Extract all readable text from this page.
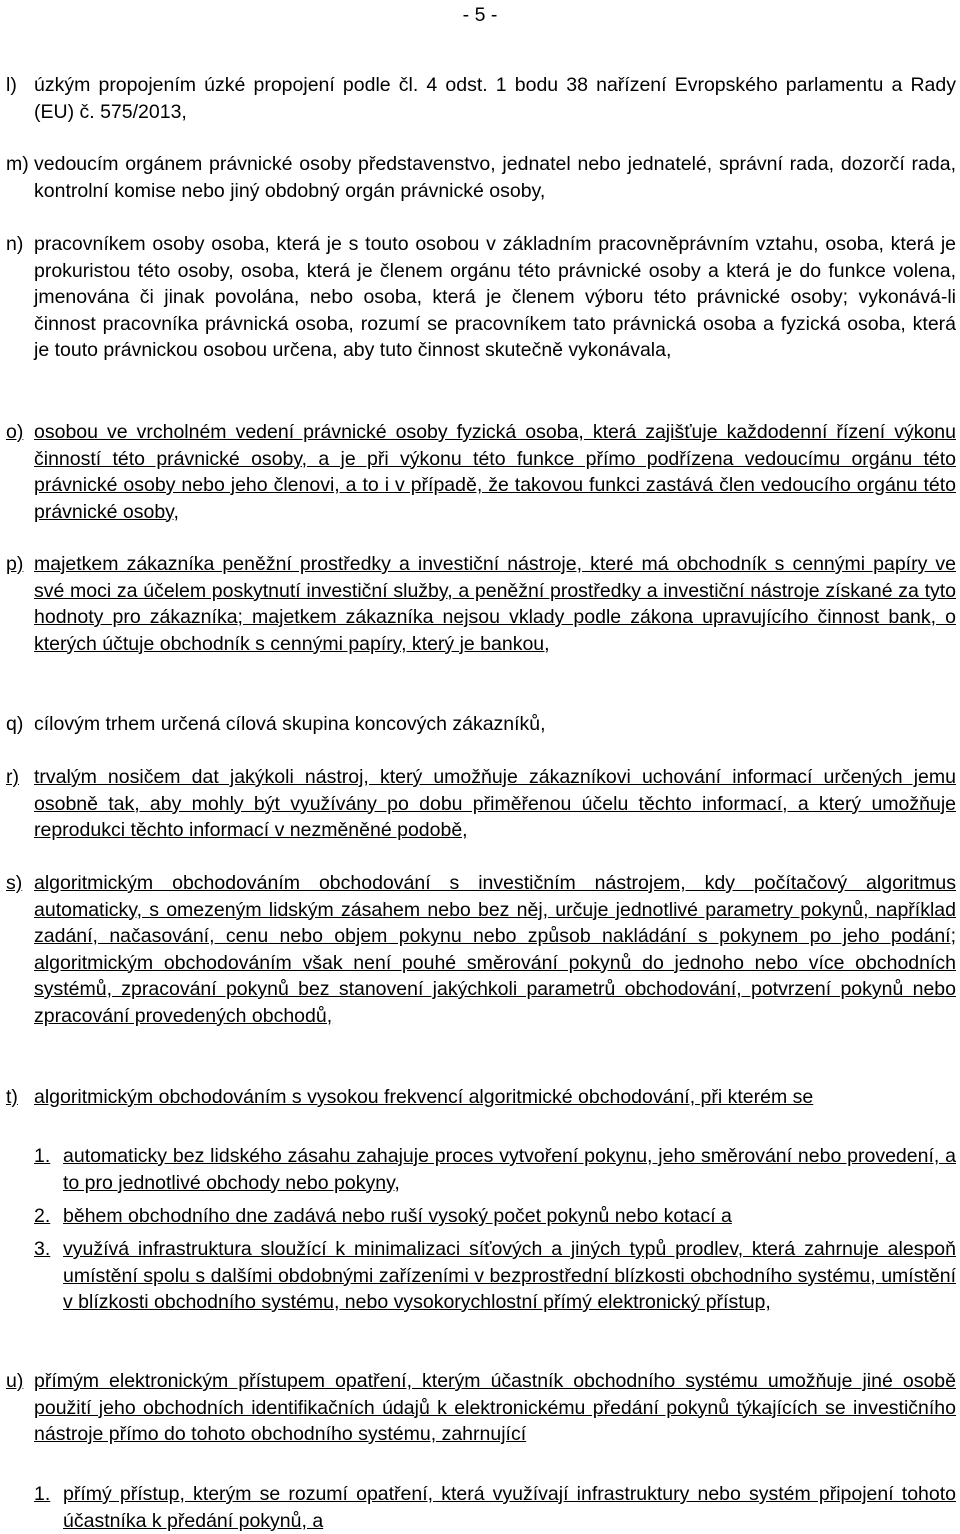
- 5 -
l) úzkým propojením úzké propojení podle čl. 4 odst. 1 bodu 38 nařízení Evropského parlamentu a Rady (EU) č. 575/2013,
m) vedoucím orgánem právnické osoby představenstvo, jednatel nebo jednatelé, správní rada, dozorčí rada, kontrolní komise nebo jiný obdobný orgán právnické osoby,
n) pracovníkem osoby osoba, která je s touto osobou v základním pracovněprávním vztahu, osoba, která je prokuristou této osoby, osoba, která je členem orgánu této právnické osoby a která je do funkce volena, jmenována či jinak povolána, nebo osoba, která je členem výboru této právnické osoby; vykonává-li činnost pracovníka právnická osoba, rozumí se pracovníkem tato právnická osoba a fyzická osoba, která je touto právnickou osobou určena, aby tuto činnost skutečně vykonávala,
o) osobou ve vrcholném vedení právnické osoby fyzická osoba, která zajišťuje každodenní řízení výkonu činností této právnické osoby, a je při výkonu této funkce přímo podřízena vedoucímu orgánu této právnické osoby nebo jeho členovi, a to i v případě, že takovou funkci zastává člen vedoucího orgánu této právnické osoby,
p) majetkem zákazníka peněžní prostředky a investiční nástroje, které má obchodník s cennými papíry ve své moci za účelem poskytnutí investiční služby, a peněžní prostředky a investiční nástroje získané za tyto hodnoty pro zákazníka; majetkem zákazníka nejsou vklady podle zákona upravujícího činnost bank, o kterých účtuje obchodník s cennými papíry, který je bankou,
q) cílovým trhem určená cílová skupina koncových zákazníků,
r) trvalým nosičem dat jakýkoli nástroj, který umožňuje zákazníkovi uchování informací určených jemu osobně tak, aby mohly být využívány po dobu přiměřenou účelu těchto informací, a který umožňuje reprodukci těchto informací v nezměněné podobě,
s) algoritmickým obchodováním obchodování s investičním nástrojem, kdy počítačový algoritmus automaticky, s omezeným lidským zásahem nebo bez něj, určuje jednotlivé parametry pokynů, například zadání, načasování, cenu nebo objem pokynu nebo způsob nakládání s pokynem po jeho podání; algoritmickým obchodováním však není pouhé směrování pokynů do jednoho nebo více obchodních systémů, zpracování pokynů bez stanovení jakýchkoli parametrů obchodování, potvrzení pokynů nebo zpracování provedených obchodů,
t) algoritmickým obchodováním s vysokou frekvencí algoritmické obchodování, při kterém se
1. automaticky bez lidského zásahu zahajuje proces vytvoření pokynu, jeho směrování nebo provedení, a to pro jednotlivé obchody nebo pokyny,
2. během obchodního dne zadává nebo ruší vysoký počet pokynů nebo kotací a
3. využívá infrastruktura sloužící k minimalizaci síťových a jiných typů prodlev, která zahrnuje alespoň umístění spolu s dalšími obdobnými zařízeními v bezprostřední blízkosti obchodního systému, umístění v blízkosti obchodního systému, nebo vysokorychlostní přímý elektronický přístup,
u) přímým elektronickým přístupem opatření, kterým účastník obchodního systému umožňuje jiné osobě použití jeho obchodních identifikačních údajů k elektronickému předání pokynů týkajících se investičního nástroje přímo do tohoto obchodního systému, zahrnující
1. přímý přístup, kterým se rozumí opatření, která využívají infrastruktury nebo systém připojení tohoto účastníka k předání pokynů, a
